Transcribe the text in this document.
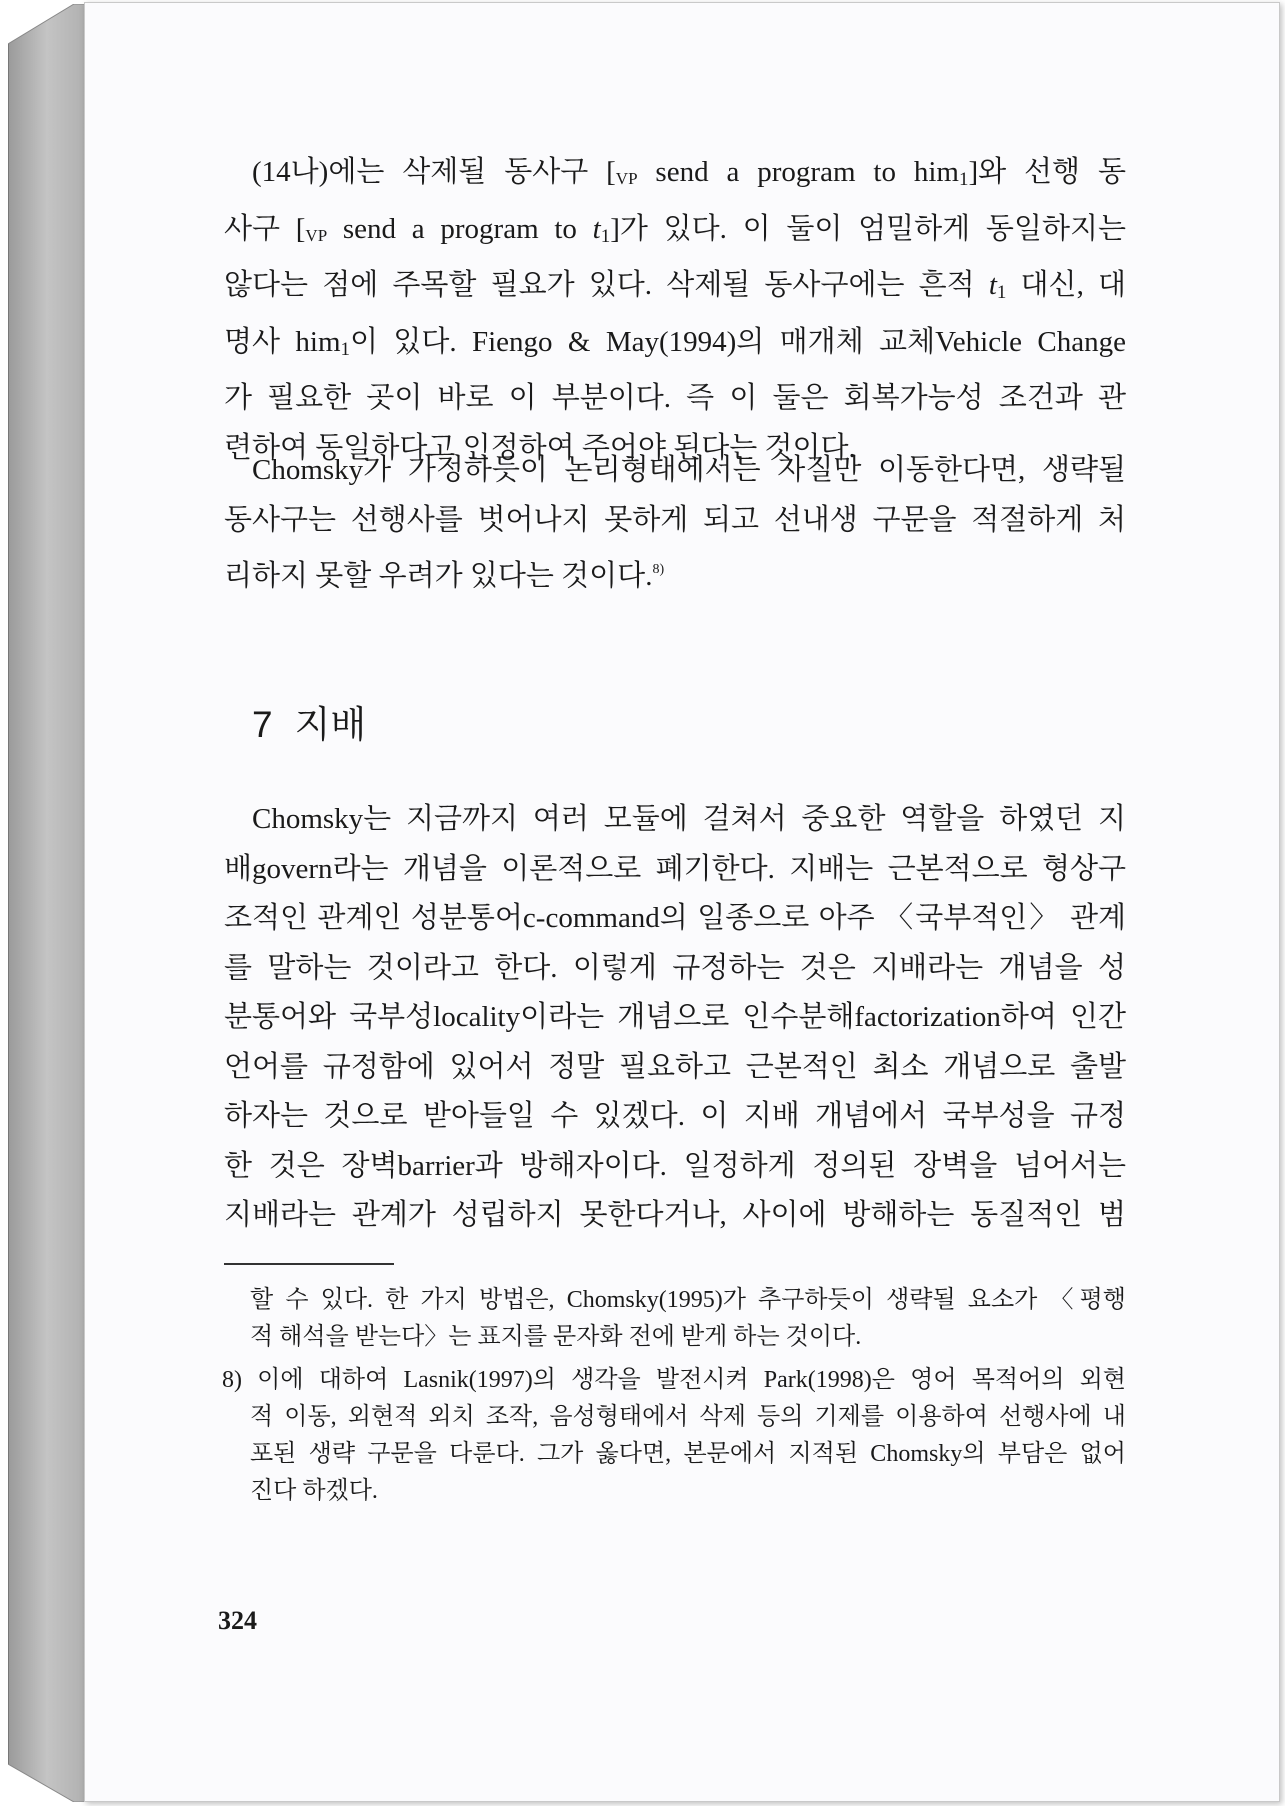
(14나)에는 삭제될 동사구 [VP send a program to him1]와 선행 동
사구 [VP send a program to t1]가 있다. 이 둘이 엄밀하게 동일하지는
않다는 점에 주목할 필요가 있다. 삭제될 동사구에는 흔적 t1 대신, 대
명사 him1이 있다. Fiengo & May(1994)의 매개체 교체Vehicle Change
가 필요한 곳이 바로 이 부분이다. 즉 이 둘은 회복가능성 조건과 관
련하여 동일하다고 인정하여 주어야 된다는 것이다.

Chomsky가 가정하듯이 논리형태에서는 자질만 이동한다면, 생략될
동사구는 선행사를 벗어나지 못하게 되고 선내생 구문을 적절하게 처
리하지 못할 우려가 있다는 것이다.$^{8)}$

7 지배

Chomsky는 지금까지 여러 모듈에 걸쳐서 중요한 역할을 하였던 지
배govern라는 개념을 이론적으로 폐기한다. 지배는 근본적으로 형상구
조적인 관계인 성분통어c-command의 일종으로 아주 〈국부적인〉 관계
를 말하는 것이라고 한다. 이렇게 규정하는 것은 지배라는 개념을 성
분통어와 국부성locality이라는 개념으로 인수분해factorization하여 인간
언어를 규정함에 있어서 정말 필요하고 근본적인 최소 개념으로 출발
하자는 것으로 받아들일 수 있겠다. 이 지배 개념에서 국부성을 규정
한 것은 장벽barrier과 방해자이다. 일정하게 정의된 장벽을 넘어서는
지배라는 관계가 성립하지 못한다거나, 사이에 방해하는 동질적인 범

할 수 있다. 한 가지 방법은, Chomsky(1995)가 추구하듯이 생략될 요소가 〈평행
적 해석을 받는다〉는 표지를 문자화 전에 받게 하는 것이다.
8) 이에 대하여 Lasnik(1997)의 생각을 발전시켜 Park(1998)은 영어 목적어의 외현
적 이동, 외현적 외치 조작, 음성형태에서 삭제 등의 기제를 이용하여 선행사에 내
포된 생략 구문을 다룬다. 그가 옳다면, 본문에서 지적된 Chomsky의 부담은 없어
진다 하겠다.
324
